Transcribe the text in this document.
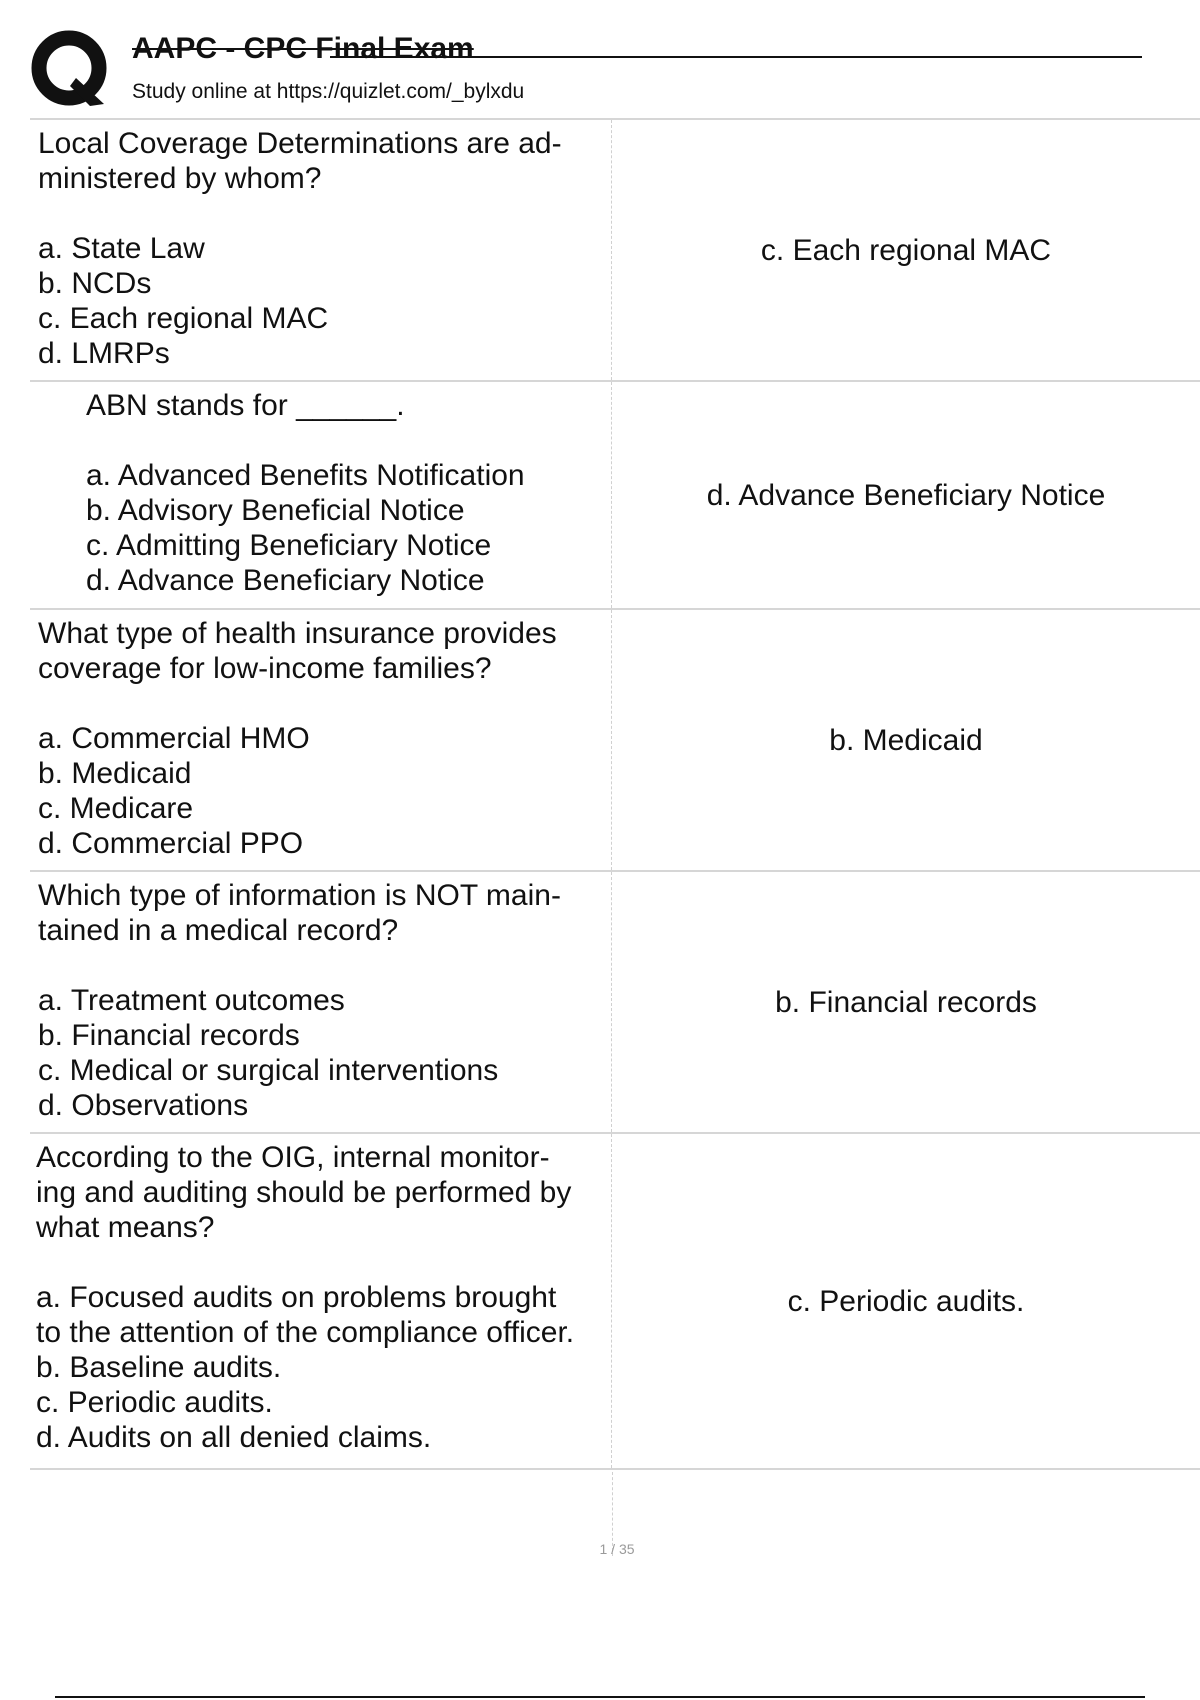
AAPC - CPC Final Exam
Study online at https://quizlet.com/_bylxdu
Local Coverage Determinations are ad-
ministered by whom?

a. State Law
b. NCDs
c. Each regional MAC
d. LMRPs
c. Each regional MAC
ABN stands for ______.

a. Advanced Benefits Notification
b. Advisory Beneficial Notice
c. Admitting Beneficiary Notice
d. Advance Beneficiary Notice
d. Advance Beneficiary Notice
What type of health insurance provides
coverage for low-income families?

a. Commercial HMO
b. Medicaid
c. Medicare
d. Commercial PPO
b. Medicaid
Which type of information is NOT main-
tained in a medical record?

a. Treatment outcomes
b. Financial records
c. Medical or surgical interventions
d. Observations
b. Financial records
According to the OIG, internal monitor-
ing and auditing should be performed by
what means?

a. Focused audits on problems brought
to the attention of the compliance officer.
b. Baseline audits.
c. Periodic audits.
d. Audits on all denied claims.
c. Periodic audits.
1 / 35
